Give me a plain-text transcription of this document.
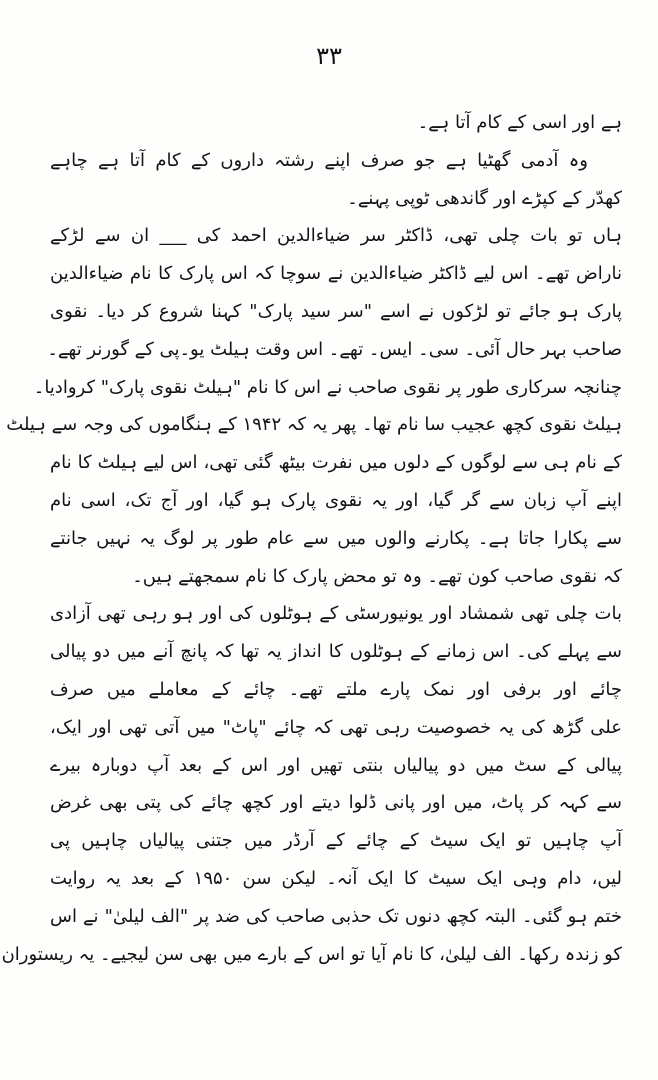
۳۳
ہے اور اسی کے کام آتا ہے۔
وہ آدمی گھٹیا ہے جو صرف اپنے رشتہ داروں کے کام آتا ہے چاہے
کھدّر کے کپڑے اور گاندھی ٹوپی پہنے۔
ہاں تو بات چلی تھی، ڈاکٹر سر ضیاءالدین احمد کی ___ ان سے لڑکے
ناراض تھے۔ اس لیے ڈاکٹر ضیاءالدین نے سوچا کہ اس پارک کا نام ضیاءالدین
پارک ہو جائے تو لڑکوں نے اسے "سر سید پارک" کہنا شروع کر دیا۔ نقوی
صاحب بہر حال آئی۔ سی۔ ایس۔ تھے۔ اس وقت ہیلٹ یو۔پی کے گورنر تھے۔
چنانچہ سرکاری طور پر نقوی صاحب نے اس کا نام "ہیلٹ نقوی پارک" کروادیا۔
ہیلٹ نقوی کچھ عجیب سا نام تھا۔ پھر یہ کہ ۱۹۴۲ کے ہنگاموں کی وجہ سے ہیلٹ
کے نام ہی سے لوگوں کے دلوں میں نفرت بیٹھ گئی تھی، اس لیے ہیلٹ کا نام
اپنے آپ زبان سے گر گیا، اور یہ نقوی پارک ہو گیا، اور آج تک، اسی نام
سے پکارا جاتا ہے۔ پکارنے والوں میں سے عام طور پر لوگ یہ نہیں جانتے
کہ نقوی صاحب کون تھے۔ وہ تو محض پارک کا نام سمجھتے ہیں۔
بات چلی تھی شمشاد اور یونیورسٹی کے ہوٹلوں کی اور ہو رہی تھی آزادی
سے پہلے کی۔ اس زمانے کے ہوٹلوں کا انداز یہ تھا کہ پانچ آنے میں دو پیالی
چائے اور برفی اور نمک پارے ملتے تھے۔ چائے کے معاملے میں صرف
علی گڑھ کی یہ خصوصیت رہی تھی کہ چائے "پاٹ" میں آتی تھی اور ایک،
پیالی کے سٹ میں دو پیالیاں بنتی تھیں اور اس کے بعد آپ دوبارہ بیرے
سے کہہ کر پاٹ، میں اور پانی ڈلوا دیتے اور کچھ چائے کی پتی بھی غرض
آپ چاہیں تو ایک سیٹ کے چائے کے آرڈر میں جتنی پیالیاں چاہیں پی
لیں، دام وہی ایک سیٹ کا ایک آنہ۔ لیکن سن ۱۹۵۰ کے بعد یہ روایت
ختم ہو گئی۔ البتہ کچھ دنوں تک حذبی صاحب کی ضد پر "الف لیلیٰ" نے اس
کو زندہ رکھا۔ الف لیلیٰ، کا نام آیا تو اس کے بارے میں بھی سن لیجیے۔ یہ ریستوران
